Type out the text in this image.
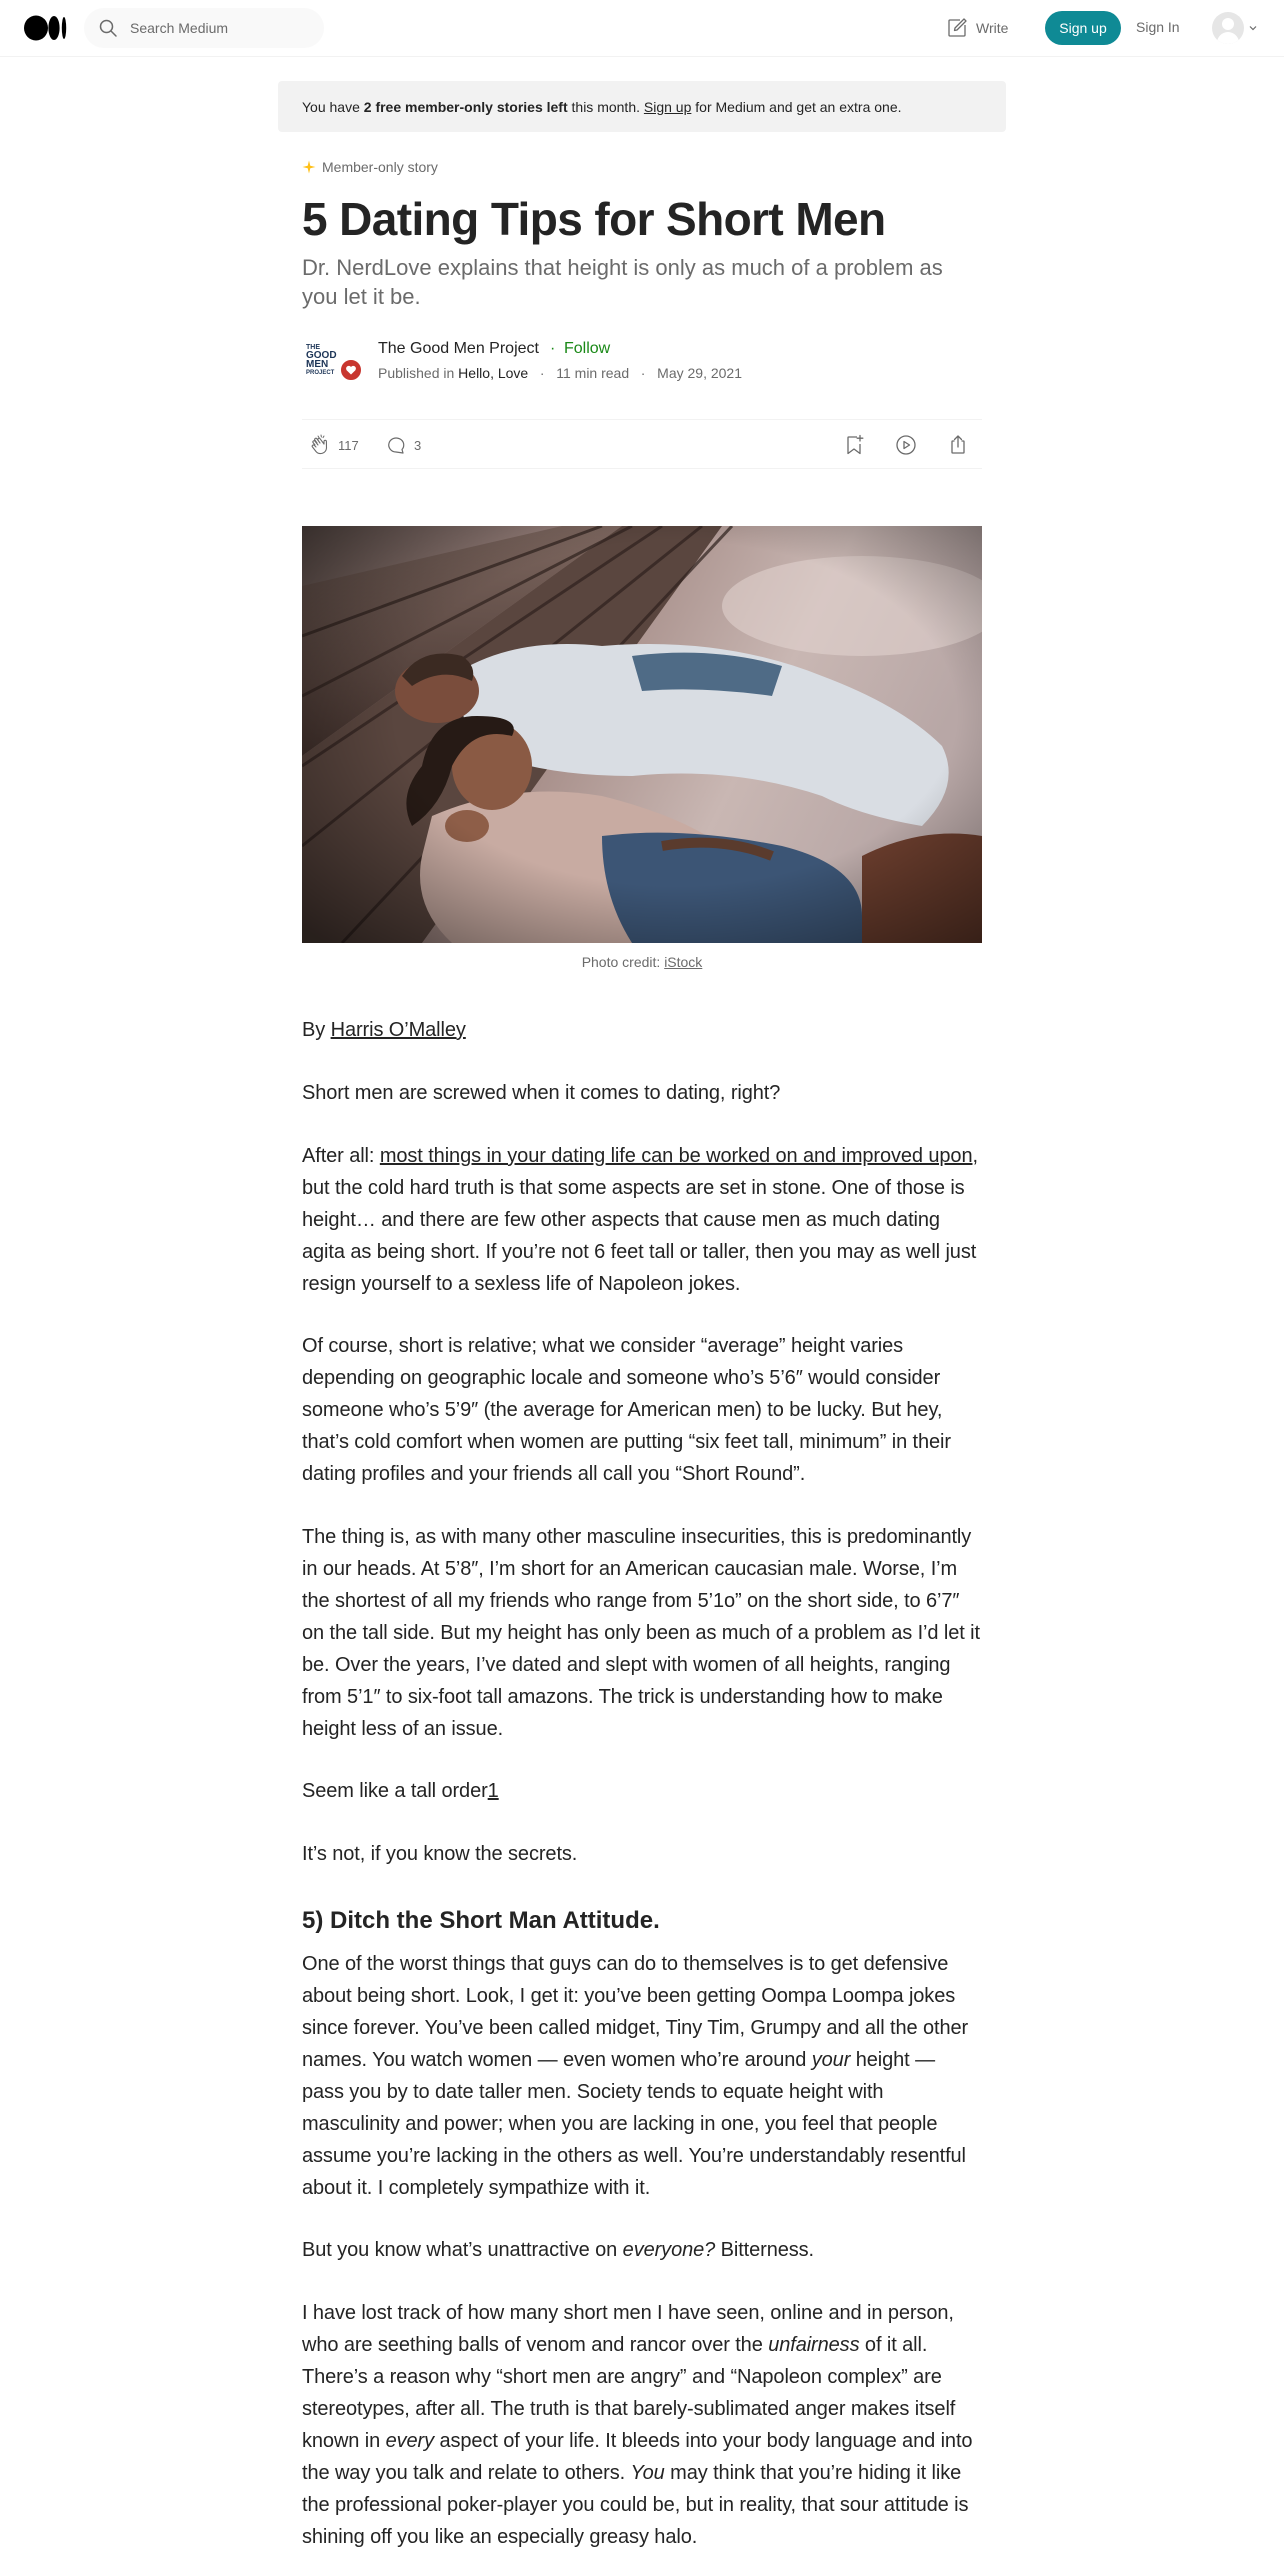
Search Medium
Write	Sign up	Sign In
You have 2 free member-only stories left this month. Sign up for Medium and get an extra one.
Member-only story
5 Dating Tips for Short Men
Dr. NerdLove explains that height is only as much of a problem as you let it be.
THE
GOOD
MEN
PROJECT
The Good Men Project · Follow
Published in Hello, Love   ·   11 min read   ·   May 29, 2021
117	3
Photo credit: iStock

By Harris O’Malley

Short men are screwed when it comes to dating, right?

After all: most things in your dating life can be worked on and improved upon, but the cold hard truth is that some aspects are set in stone. One of those is height… and there are few other aspects that cause men as much dating agita as being short. If you’re not 6 feet tall or taller, then you may as well just resign yourself to a sexless life of Napoleon jokes.

Of course, short is relative; what we consider “average” height varies depending on geographic locale and someone who’s 5’6″ would consider someone who’s 5’9″ (the average for American men) to be lucky. But hey, that’s cold comfort when women are putting “six feet tall, minimum” in their dating profiles and your friends all call you “Short Round”.

The thing is, as with many other masculine insecurities, this is predominantly in our heads. At 5’8″, I’m short for an American caucasian male. Worse, I’m the shortest of all my friends who range from 5’1o” on the short side, to 6’7″ on the tall side. But my height has only been as much of a problem as I’d let it be. Over the years, I’ve dated and slept with women of all heights, ranging from 5’1″ to six-foot tall amazons. The trick is understanding how to make height less of an issue.

Seem like a tall order1

It’s not, if you know the secrets.

5) Ditch the Short Man Attitude.

One of the worst things that guys can do to themselves is to get defensive about being short. Look, I get it: you’ve been getting Oompa Loompa jokes since forever. You’ve been called midget, Tiny Tim, Grumpy and all the other names. You watch women — even women who’re around your height — pass you by to date taller men. Society tends to equate height with masculinity and power; when you are lacking in one, you feel that people assume you’re lacking in the others as well. You’re understandably resentful about it. I completely sympathize with it.

But you know what’s unattractive on everyone? Bitterness.

I have lost track of how many short men I have seen, online and in person, who are seething balls of venom and rancor over the unfairness of it all. There’s a reason why “short men are angry” and “Napoleon complex” are stereotypes, after all. The truth is that barely-sublimated anger makes itself known in every aspect of your life. It bleeds into your body language and into the way you talk and relate to others. You may think that you’re hiding it like the professional poker-player you could be, but in reality, that sour attitude is shining off you like an especially greasy halo.
